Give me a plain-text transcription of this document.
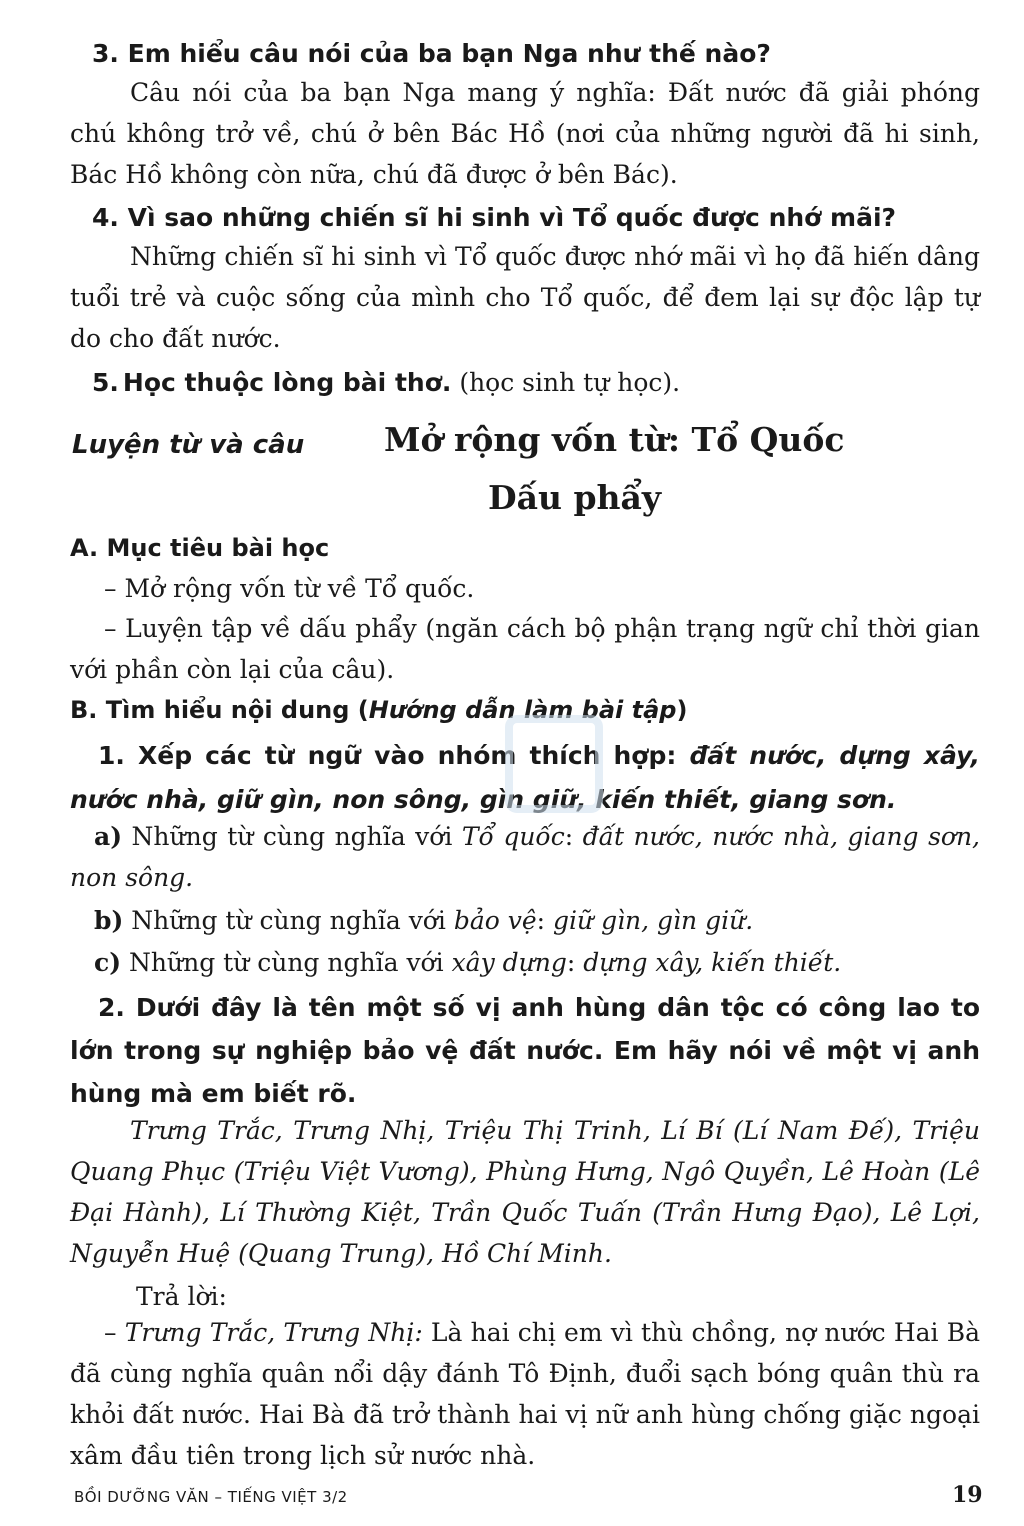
3. Em hiểu câu nói của ba bạn Nga như thế nào?
Câu nói của ba bạn Nga mang ý nghĩa: Đất nước đã giải phóng chú không trở về, chú ở bên Bác Hồ (nơi của những người đã hi sinh, Bác Hồ không còn nữa, chú đã được ở bên Bác).
4. Vì sao những chiến sĩ hi sinh vì Tổ quốc được nhớ mãi?
Những chiến sĩ hi sinh vì Tổ quốc được nhớ mãi vì họ đã hiến dâng tuổi trẻ và cuộc sống của mình cho Tổ quốc, để đem lại sự độc lập tự do cho đất nước.
5. Học thuộc lòng bài thơ. (học sinh tự học).
Luyện từ và câu Mở rộng vốn từ: Tổ Quốc
Dấu phẩy
A. Mục tiêu bài học
– Mở rộng vốn từ về Tổ quốc.
– Luyện tập về dấu phẩy (ngăn cách bộ phận trạng ngữ chỉ thời gian với phần còn lại của câu).
B. Tìm hiểu nội dung (Hướng dẫn làm bài tập)
1. Xếp các từ ngữ vào nhóm thích hợp: đất nước, dựng xây, nước nhà, giữ gìn, non sông, gìn giữ, kiến thiết, giang sơn.
a) Những từ cùng nghĩa với Tổ quốc: đất nước, nước nhà, giang sơn, non sông.
b) Những từ cùng nghĩa với bảo vệ: giữ gìn, gìn giữ.
c) Những từ cùng nghĩa với xây dựng: dựng xây, kiến thiết.
2. Dưới đây là tên một số vị anh hùng dân tộc có công lao to lớn trong sự nghiệp bảo vệ đất nước. Em hãy nói về một vị anh hùng mà em biết rõ.
Trưng Trắc, Trưng Nhị, Triệu Thị Trinh, Lí Bí (Lí Nam Đế), Triệu Quang Phục (Triệu Việt Vương), Phùng Hưng, Ngô Quyền, Lê Hoàn (Lê Đại Hành), Lí Thường Kiệt, Trần Quốc Tuấn (Trần Hưng Đạo), Lê Lợi, Nguyễn Huệ (Quang Trung), Hồ Chí Minh.
Trả lời:
– Trưng Trắc, Trưng Nhị: Là hai chị em vì thù chồng, nợ nước Hai Bà đã cùng nghĩa quân nổi dậy đánh Tô Định, đuổi sạch bóng quân thù ra khỏi đất nước. Hai Bà đã trở thành hai vị nữ anh hùng chống giặc ngoại xâm đầu tiên trong lịch sử nước nhà.
BỒI DƯỠNG VĂN – TIẾNG VIỆT 3/2	19
